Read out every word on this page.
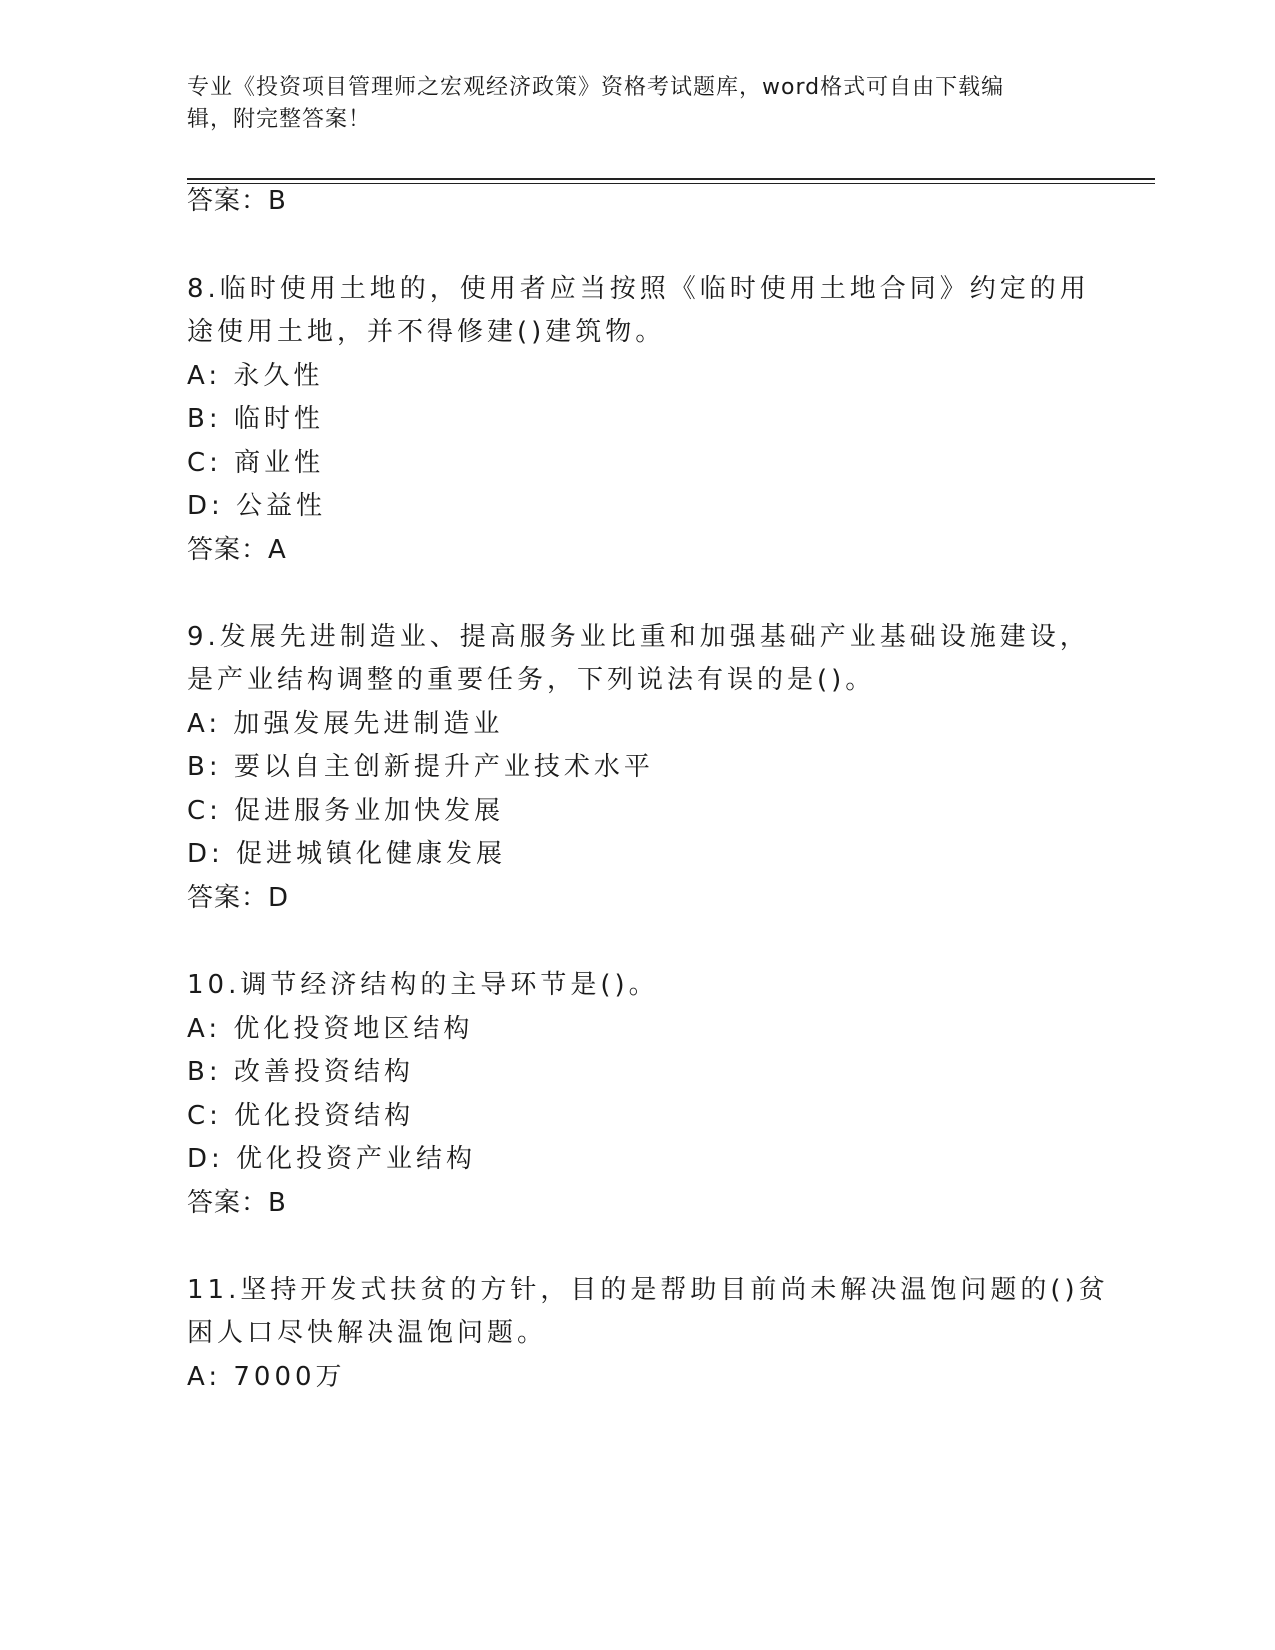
专业《投资项目管理师之宏观经济政策》资格考试题库，word格式可自由下载编
辑，附完整答案！
答案：B
8.临时使用土地的，使用者应当按照《临时使用土地合同》约定的用
途使用土地，并不得修建()建筑物。
A: 永久性
B: 临时性
C: 商业性
D: 公益性
答案：A
9.发展先进制造业、提高服务业比重和加强基础产业基础设施建设，
是产业结构调整的重要任务，下列说法有误的是()。
A: 加强发展先进制造业
B: 要以自主创新提升产业技术水平
C: 促进服务业加快发展
D: 促进城镇化健康发展
答案：D
10.调节经济结构的主导环节是()。
A: 优化投资地区结构
B: 改善投资结构
C: 优化投资结构
D: 优化投资产业结构
答案：B
11.坚持开发式扶贫的方针，目的是帮助目前尚未解决温饱问题的()贫
困人口尽快解决温饱问题。
A: 7000万
